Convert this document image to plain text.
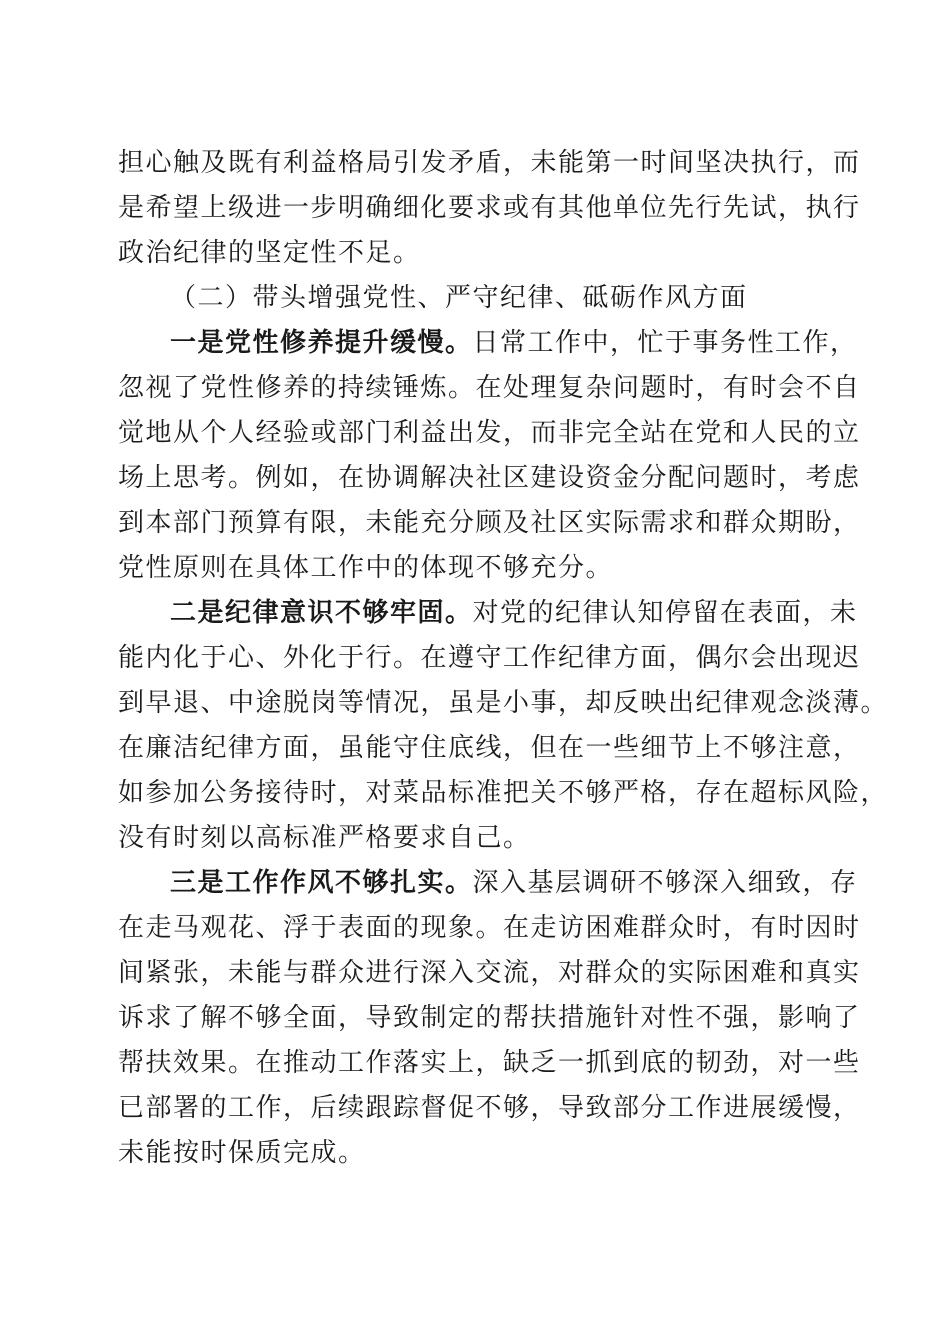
担心触及既有利益格局引发矛盾，未能第一时间坚决执行，而
是希望上级进一步明确细化要求或有其他单位先行先试，执行
政治纪律的坚定性不足。
（二）带头增强党性、严守纪律、砥砺作风方面
一是党性修养提升缓慢。日常工作中，忙于事务性工作，
忽视了党性修养的持续锤炼。在处理复杂问题时，有时会不自
觉地从个人经验或部门利益出发，而非完全站在党和人民的立
场上思考。例如，在协调解决社区建设资金分配问题时，考虑
到本部门预算有限，未能充分顾及社区实际需求和群众期盼，
党性原则在具体工作中的体现不够充分。
二是纪律意识不够牢固。对党的纪律认知停留在表面，未
能内化于心、外化于行。在遵守工作纪律方面，偶尔会出现迟
到早退、中途脱岗等情况，虽是小事，却反映出纪律观念淡薄。
在廉洁纪律方面，虽能守住底线，但在一些细节上不够注意，
如参加公务接待时，对菜品标准把关不够严格，存在超标风险，
没有时刻以高标准严格要求自己。
三是工作作风不够扎实。深入基层调研不够深入细致，存
在走马观花、浮于表面的现象。在走访困难群众时，有时因时
间紧张，未能与群众进行深入交流，对群众的实际困难和真实
诉求了解不够全面，导致制定的帮扶措施针对性不强，影响了
帮扶效果。在推动工作落实上，缺乏一抓到底的韧劲，对一些
已部署的工作，后续跟踪督促不够，导致部分工作进展缓慢，
未能按时保质完成。
